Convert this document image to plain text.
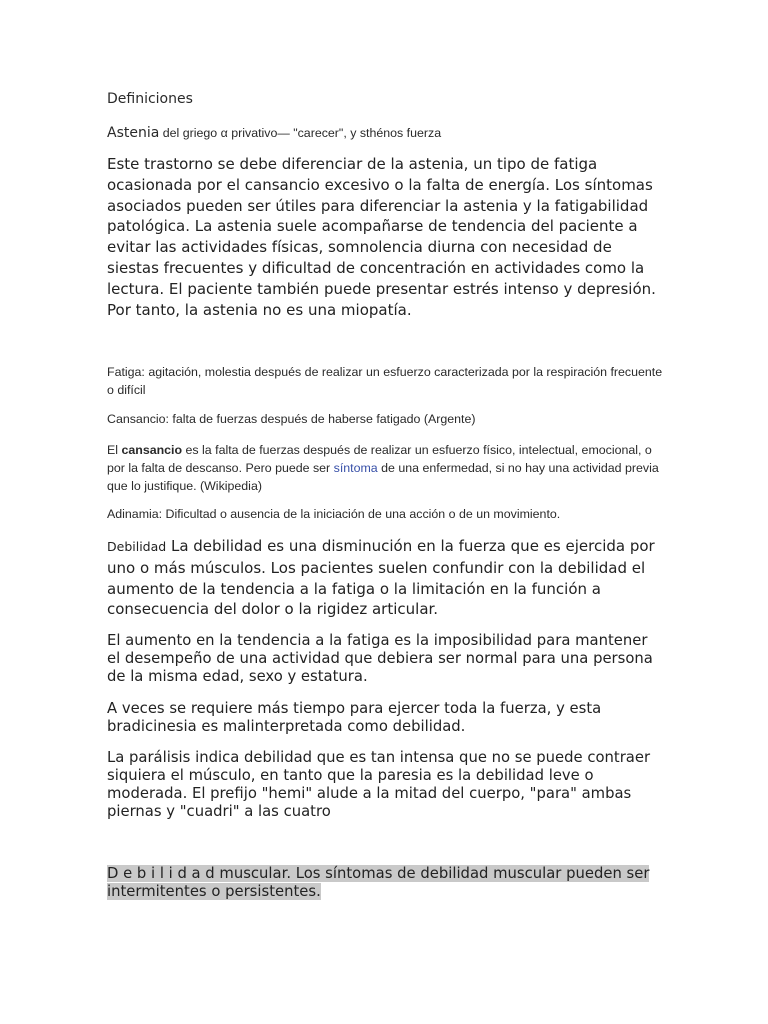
Definiciones

Astenia del griego α privativo— "carecer", y sthénos fuerza

Este trastorno se debe diferenciar de la astenia, un tipo de fatiga ocasionada por el cansancio excesivo o la falta de energía. Los síntomas asociados pueden ser útiles para diferenciar la astenia y la fatigabilidad patológica. La astenia suele acompañarse de tendencia del paciente a evitar las actividades físicas, somnolencia diurna con necesidad de siestas frecuentes y dificultad de concentración en actividades como la lectura. El paciente también puede presentar estrés intenso y depresión. Por tanto, la astenia no es una miopatía.

Fatiga: agitación, molestia después de realizar un esfuerzo caracterizada por la respiración frecuente o difícil

Cansancio: falta de fuerzas después de haberse fatigado (Argente)

El cansancio es la falta de fuerzas después de realizar un esfuerzo físico, intelectual, emocional, o por la falta de descanso. Pero puede ser síntoma de una enfermedad, si no hay una actividad previa que lo justifique. (Wikipedia)

Adinamia: Dificultad o ausencia de la iniciación de una acción o de un movimiento.

Debilidad La debilidad es una disminución en la fuerza que es ejercida por uno o más músculos. Los pacientes suelen confundir con la debilidad el aumento de la tendencia a la fatiga o la limitación en la función a consecuencia del dolor o la rigidez articular.

El aumento en la tendencia a la fatiga es la imposibilidad para mantener el desempeño de una actividad que debiera ser normal para una persona de la misma edad, sexo y estatura.

A veces se requiere más tiempo para ejercer toda la fuerza, y esta bradicinesia es malinterpretada como debilidad.

La parálisis indica debilidad que es tan intensa que no se puede contraer siquiera el músculo, en tanto que la paresia es la debilidad leve o moderada. El prefijo "hemi" alude a la mitad del cuerpo, "para" ambas piernas y "cuadri" a las cuatro

D e b i l i d a d muscular. Los síntomas de debilidad muscular pueden ser intermitentes o persistentes.
